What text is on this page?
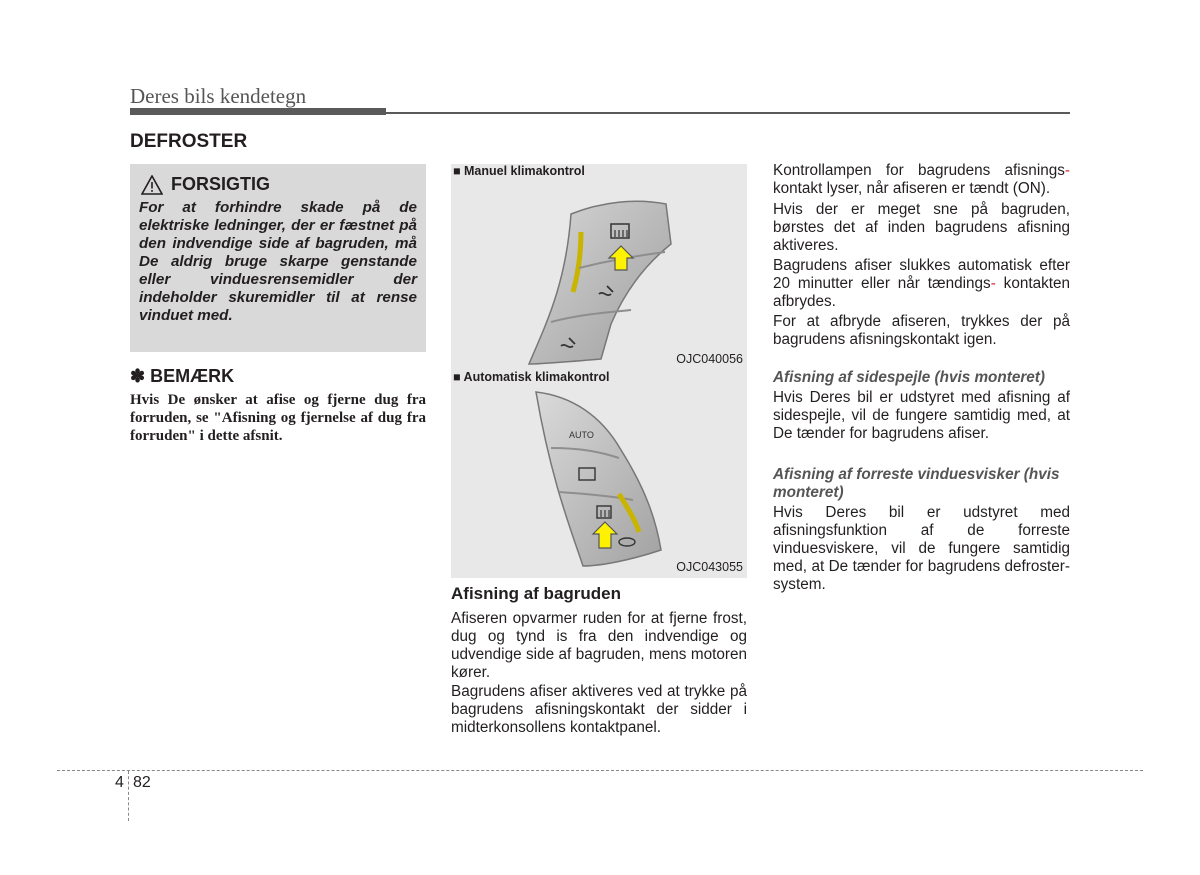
Deres bils kendetegn
DEFROSTER
FORSIGTIG
For at forhindre skade på de elektriske ledninger, der er fæstnet på den indvendige side af bagruden, må De aldrig bruge skarpe genstande eller vinduesrensemidler der indeholder skuremidler til at rense vinduet med.
✽ BEMÆRK
Hvis De ønsker at afise og fjerne dug fra forruden, se "Afisning og fjernelse af dug fra forruden" i dette afsnit.
■ Manuel klimakontrol
OJC040056
■ Automatisk klimakontrol
AUTO
OJC043055
Afisning af bagruden
Afiseren opvarmer ruden for at fjerne frost, dug og tynd is fra den indvendige og udvendige side af bagruden, mens motoren kører.
Bagrudens afiser aktiveres ved at trykke på bagrudens afisningskontakt der sidder i midterkonsollens kontaktpanel.
Kontrollampen for bagrudens afisnings- kontakt lyser, når afiseren er tændt (ON).
Hvis der er meget sne på bagruden, børstes det af inden bagrudens afisning aktiveres.
Bagrudens afiser slukkes automatisk efter 20 minutter eller når tændings- kontakten afbrydes.
For at afbryde afiseren, trykkes der på bagrudens afisningskontakt igen.
Afisning af sidespejle (hvis monteret)
Hvis Deres bil er udstyret med afisning af sidespejle, vil de fungere samtidig med, at De tænder for bagrudens afiser.
Afisning af forreste vinduesvisker (hvis monteret)
Hvis Deres bil er udstyret med afisningsfunktion af de forreste vinduesviskere, vil de fungere samtidig med, at De tænder for bagrudens defroster-system.
4 82
